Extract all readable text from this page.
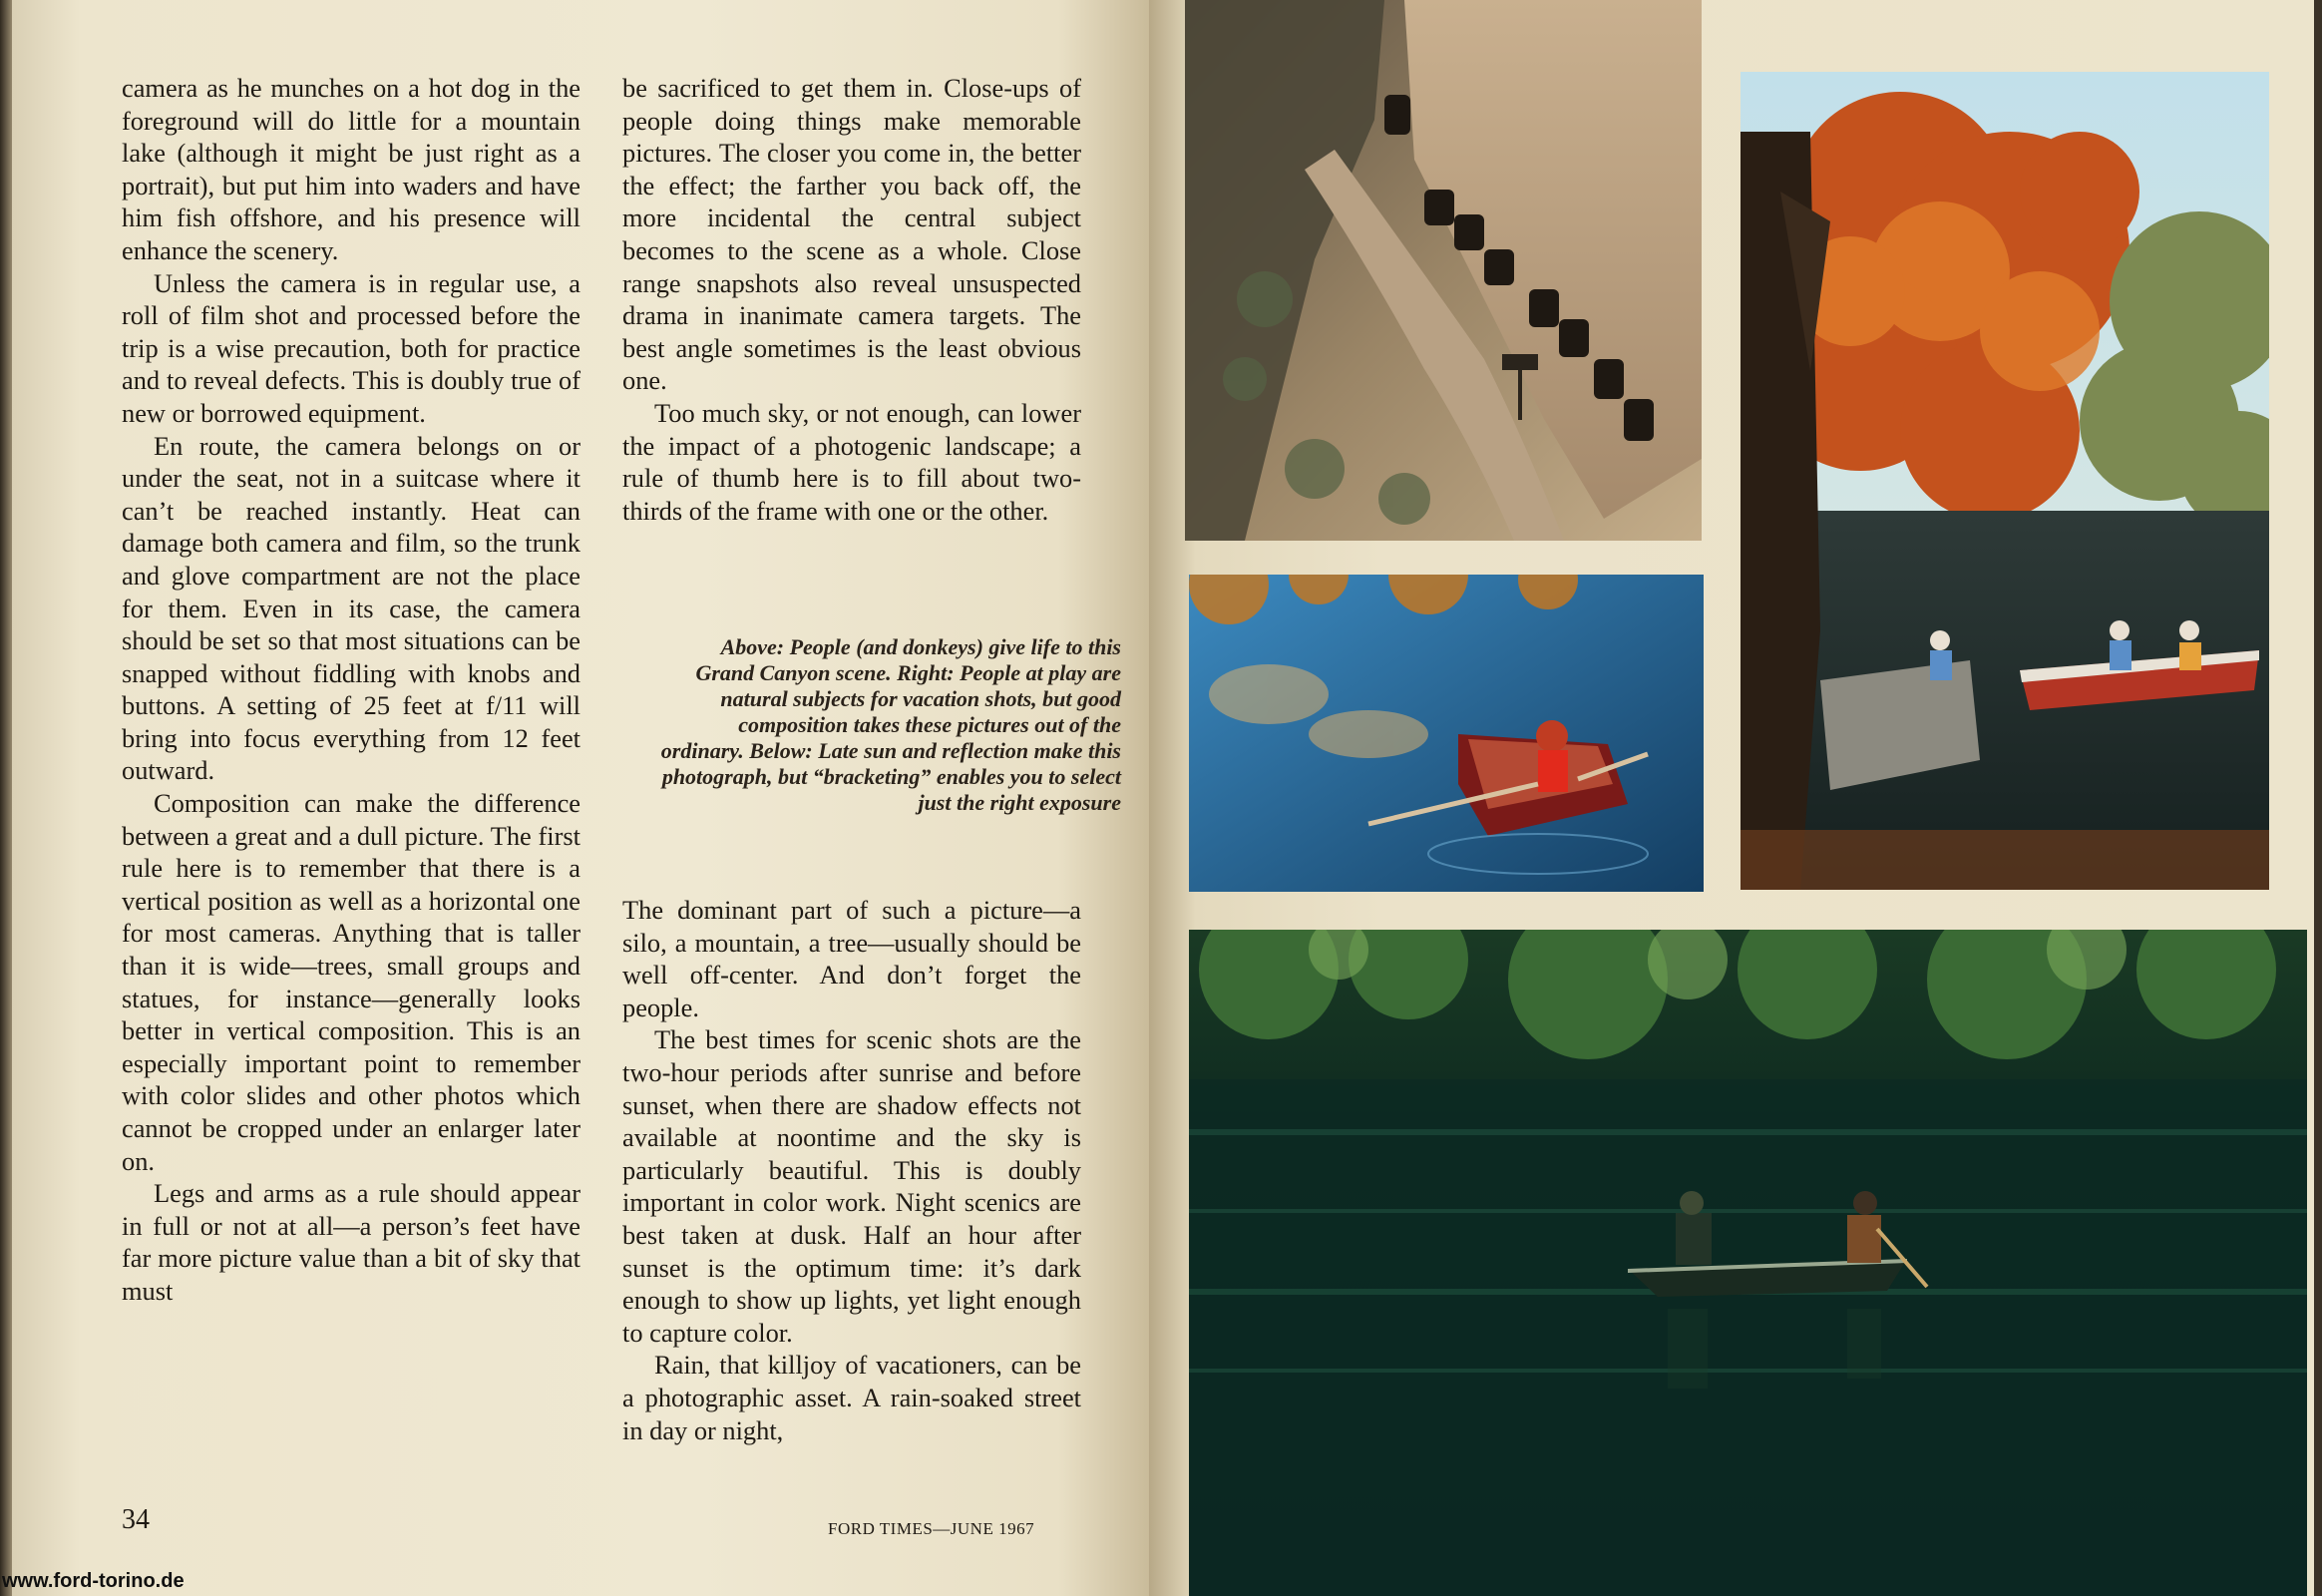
camera as he munches on a hot dog in the foreground will do little for a mountain lake (although it might be just right as a portrait), but put him into waders and have him fish offshore, and his presence will enhance the scenery.

Unless the camera is in regular use, a roll of film shot and processed before the trip is a wise precaution, both for practice and to reveal defects. This is doubly true of new or borrowed equipment.

En route, the camera belongs on or under the seat, not in a suitcase where it can’t be reached instantly. Heat can damage both camera and film, so the trunk and glove compartment are not the place for them. Even in its case, the camera should be set so that most situations can be snapped without fiddling with knobs and buttons. A setting of 25 feet at f/11 will bring into focus everything from 12 feet outward.

Composition can make the difference between a great and a dull picture. The first rule here is to remember that there is a vertical position as well as a horizontal one for most cameras. Anything that is taller than it is wide—trees, small groups and statues, for instance—generally looks better in vertical composition. This is an especially important point to remember with color slides and other photos which cannot be cropped under an enlarger later on.

Legs and arms as a rule should appear in full or not at all—a person’s feet have far more picture value than a bit of sky that must

be sacrificed to get them in. Close-ups of people doing things make memorable pictures. The closer you come in, the better the effect; the farther you back off, the more incidental the central subject becomes to the scene as a whole. Close range snapshots also reveal unsuspected drama in inanimate camera targets. The best angle sometimes is the least obvious one.

Too much sky, or not enough, can lower the impact of a photogenic landscape; a rule of thumb here is to fill about two-thirds of the frame with one or the other.

Above: People (and donkeys) give life to this Grand Canyon scene. Right: People at play are natural subjects for vacation shots, but good composition takes these pictures out of the ordinary. Below: Late sun and reflection make this photograph, but “bracketing” enables you to select just the right exposure

The dominant part of such a picture—a silo, a mountain, a tree—usually should be well off-center. And don’t forget the people.

The best times for scenic shots are the two-hour periods after sunrise and before sunset, when there are shadow effects not available at noontime and the sky is particularly beautiful. This is doubly important in color work. Night scenics are best taken at dusk. Half an hour after sunset is the optimum time: it’s dark enough to show up lights, yet light enough to capture color.

Rain, that killjoy of vacationers, can be a photographic asset. A rain-soaked street in day or night,

34	FORD TIMES—JUNE 1967
www.ford-torino.de
